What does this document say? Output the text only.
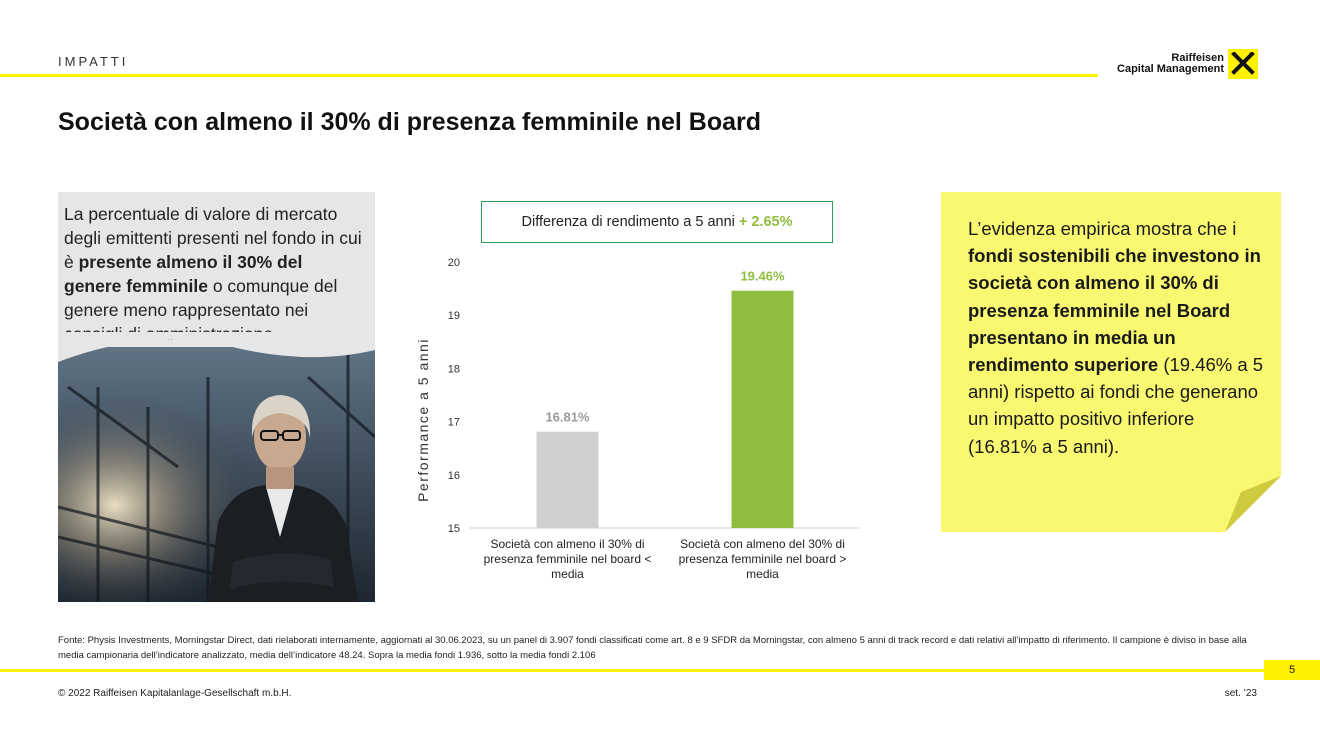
IMPATTI	Raiffeisen
Capital Management
Società con almeno il 30% di presenza femminile nel Board

La percentuale di valore di mercato degli emittenti presenti nel fondo in cui è presente almeno il 30% del genere femminile o comunque del genere meno rappresentato nei

Performance a 5 anni
15
16
17
18
19
20
16.81%
19.46%
Società con almeno il 30% di
presenza femminile nel board <
media
Società con almeno del 30% di
presenza femminile nel board >
media
Differenza di rendimento a 5 anni + 2.65%	L’evidenza empirica mostra che i fondi sostenibili che investono in società con almeno il 30% di presenza femminile nel Board presentano in media un rendimento superiore (19.46% a 5 anni) rispetto ai fondi che generano un impatto positivo inferiore (16.81% a 5 anni).

Fonte: Physis Investments, Morningstar Direct, dati rielaborati internamente, aggiornati al 30.06.2023, su un panel di 3.907 fondi classificati come art. 8 e 9 SFDR da Morningstar, con almeno 5 anni di track record e dati relativi all’impatto di riferimento. Il campione è diviso in base alla media campionaria dell’indicatore analizzato, media dell’indicatore 48.24. Sopra la media fondi 1.936, sotto la media fondi 2.106
5
© 2022 Raiffeisen Kapitalanlage-Gesellschaft m.b.H.	set. ’23
